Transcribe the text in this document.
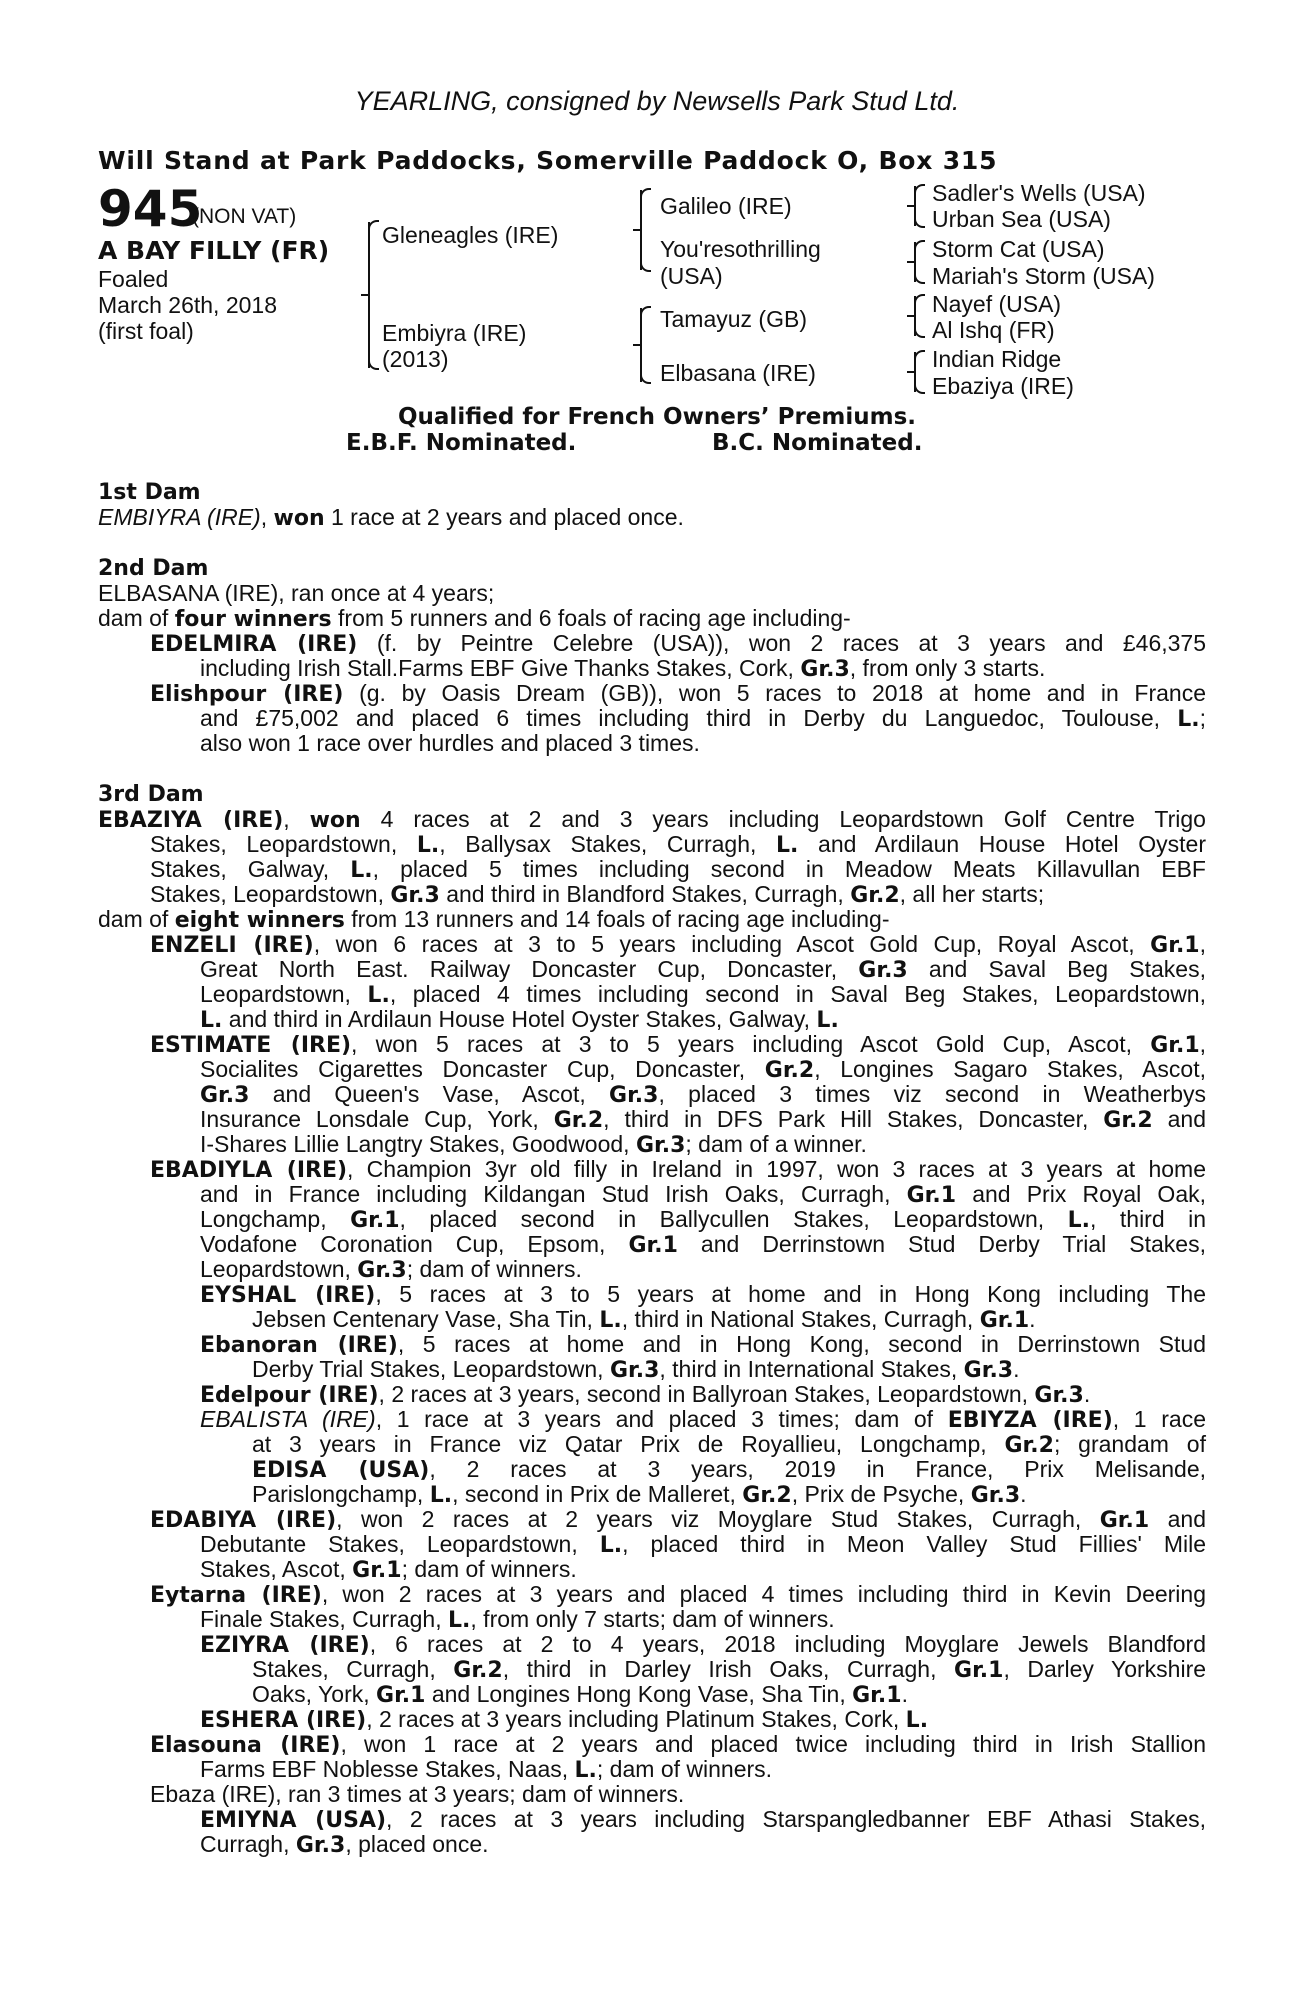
YEARLING, consigned by Newsells Park Stud Ltd.
Will Stand at Park Paddocks, Somerville Paddock O, Box 315
945
(NON VAT)
A BAY FILLY (FR)
Foaled
March 26th, 2018
(first foal)
Gleneagles (IRE)
Embiyra (IRE)
(2013)
Galileo (IRE)
You'resothrilling
(USA)
Tamayuz (GB)
Elbasana (IRE)
Sadler's Wells (USA)
Urban Sea (USA)
Storm Cat (USA)
Mariah's Storm (USA)
Nayef (USA)
Al Ishq (FR)
Indian Ridge
Ebaziya (IRE)
Qualified for French Owners’ Premiums.
E.B.F. Nominated.	B.C. Nominated.
1st Dam
EMBIYRA (IRE), won 1 race at 2 years and placed once.
2nd Dam
ELBASANA (IRE), ran once at 4 years;
dam of four winners from 5 runners and 6 foals of racing age including-
EDELMIRA (IRE) (f. by Peintre Celebre (USA)), won 2 races at 3 years and £46,375
including Irish Stall.Farms EBF Give Thanks Stakes, Cork, Gr.3, from only 3 starts.
Elishpour (IRE) (g. by Oasis Dream (GB)), won 5 races to 2018 at home and in France
and £75,002 and placed 6 times including third in Derby du Languedoc, Toulouse, L.;
also won 1 race over hurdles and placed 3 times.
3rd Dam
EBAZIYA (IRE), won 4 races at 2 and 3 years including Leopardstown Golf Centre Trigo
Stakes, Leopardstown, L., Ballysax Stakes, Curragh, L. and Ardilaun House Hotel Oyster
Stakes, Galway, L., placed 5 times including second in Meadow Meats Killavullan EBF
Stakes, Leopardstown, Gr.3 and third in Blandford Stakes, Curragh, Gr.2, all her starts;
dam of eight winners from 13 runners and 14 foals of racing age including-
ENZELI (IRE), won 6 races at 3 to 5 years including Ascot Gold Cup, Royal Ascot, Gr.1,
Great North East. Railway Doncaster Cup, Doncaster, Gr.3 and Saval Beg Stakes,
Leopardstown, L., placed 4 times including second in Saval Beg Stakes, Leopardstown,
L. and third in Ardilaun House Hotel Oyster Stakes, Galway, L.
ESTIMATE (IRE), won 5 races at 3 to 5 years including Ascot Gold Cup, Ascot, Gr.1,
Socialites Cigarettes Doncaster Cup, Doncaster, Gr.2, Longines Sagaro Stakes, Ascot,
Gr.3 and Queen's Vase, Ascot, Gr.3, placed 3 times viz second in Weatherbys
Insurance Lonsdale Cup, York, Gr.2, third in DFS Park Hill Stakes, Doncaster, Gr.2 and
I-Shares Lillie Langtry Stakes, Goodwood, Gr.3; dam of a winner.
EBADIYLA (IRE), Champion 3yr old filly in Ireland in 1997, won 3 races at 3 years at home
and in France including Kildangan Stud Irish Oaks, Curragh, Gr.1 and Prix Royal Oak,
Longchamp, Gr.1, placed second in Ballycullen Stakes, Leopardstown, L., third in
Vodafone Coronation Cup, Epsom, Gr.1 and Derrinstown Stud Derby Trial Stakes,
Leopardstown, Gr.3; dam of winners.
EYSHAL (IRE), 5 races at 3 to 5 years at home and in Hong Kong including The
Jebsen Centenary Vase, Sha Tin, L., third in National Stakes, Curragh, Gr.1.
Ebanoran (IRE), 5 races at home and in Hong Kong, second in Derrinstown Stud
Derby Trial Stakes, Leopardstown, Gr.3, third in International Stakes, Gr.3.
Edelpour (IRE), 2 races at 3 years, second in Ballyroan Stakes, Leopardstown, Gr.3.
EBALISTA (IRE), 1 race at 3 years and placed 3 times; dam of EBIYZA (IRE), 1 race
at 3 years in France viz Qatar Prix de Royallieu, Longchamp, Gr.2; grandam of
EDISA (USA), 2 races at 3 years, 2019 in France, Prix Melisande,
Parislongchamp, L., second in Prix de Malleret, Gr.2, Prix de Psyche, Gr.3.
EDABIYA (IRE), won 2 races at 2 years viz Moyglare Stud Stakes, Curragh, Gr.1 and
Debutante Stakes, Leopardstown, L., placed third in Meon Valley Stud Fillies' Mile
Stakes, Ascot, Gr.1; dam of winners.
Eytarna (IRE), won 2 races at 3 years and placed 4 times including third in Kevin Deering
Finale Stakes, Curragh, L., from only 7 starts; dam of winners.
EZIYRA (IRE), 6 races at 2 to 4 years, 2018 including Moyglare Jewels Blandford
Stakes, Curragh, Gr.2, third in Darley Irish Oaks, Curragh, Gr.1, Darley Yorkshire
Oaks, York, Gr.1 and Longines Hong Kong Vase, Sha Tin, Gr.1.
ESHERA (IRE), 2 races at 3 years including Platinum Stakes, Cork, L.
Elasouna (IRE), won 1 race at 2 years and placed twice including third in Irish Stallion
Farms EBF Noblesse Stakes, Naas, L.; dam of winners.
Ebaza (IRE), ran 3 times at 3 years; dam of winners.
EMIYNA (USA), 2 races at 3 years including Starspangledbanner EBF Athasi Stakes,
Curragh, Gr.3, placed once.
